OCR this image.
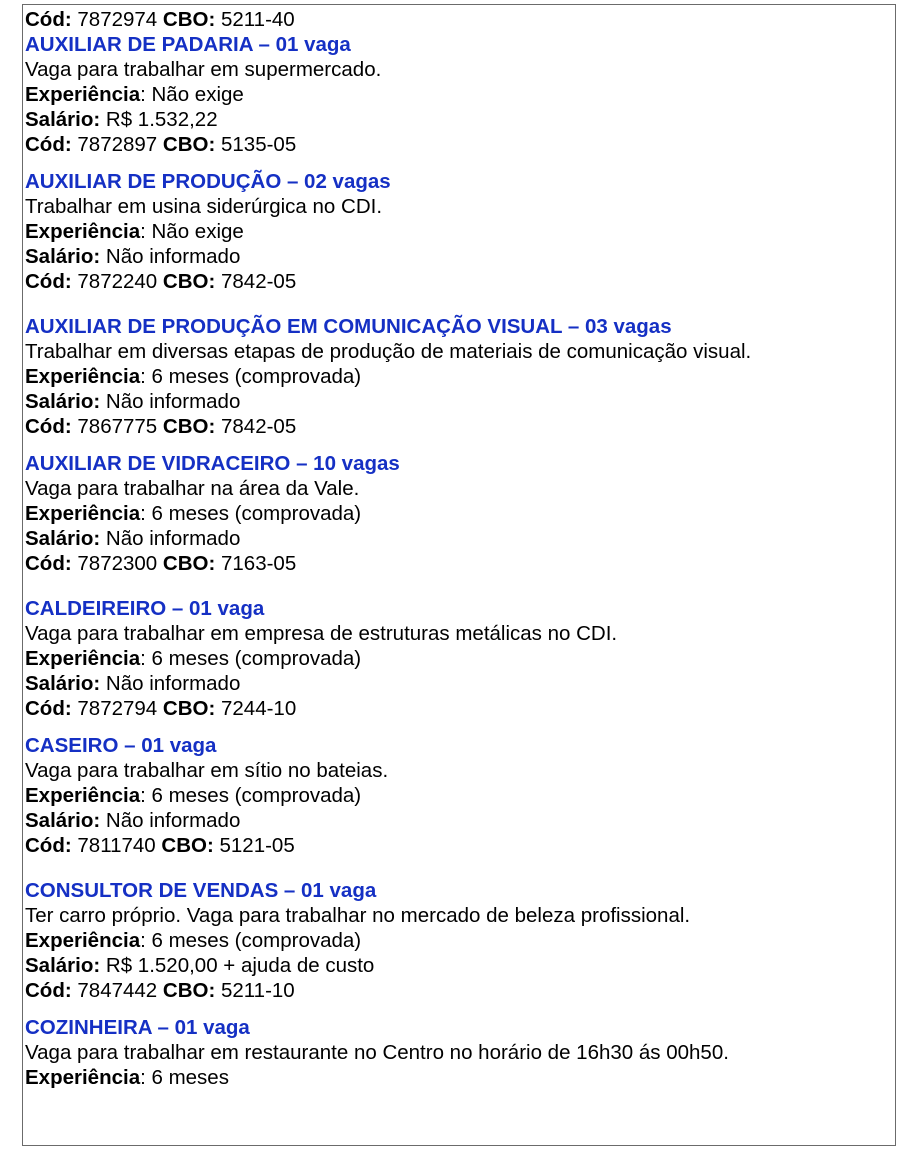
Cód: 7872974 CBO: 5211-40
AUXILIAR DE PADARIA – 01 vaga
Vaga para trabalhar em supermercado.
Experiência: Não exige
Salário: R$ 1.532,22
Cód: 7872897 CBO: 5135-05
AUXILIAR DE PRODUÇÃO – 02 vagas
Trabalhar em usina siderúrgica no CDI.
Experiência: Não exige
Salário: Não informado
Cód: 7872240 CBO: 7842-05
AUXILIAR DE PRODUÇÃO EM COMUNICAÇÃO VISUAL – 03 vagas
Trabalhar em diversas etapas de produção de materiais de comunicação visual.
Experiência: 6 meses (comprovada)
Salário: Não informado
Cód: 7867775 CBO: 7842-05
AUXILIAR DE VIDRACEIRO – 10 vagas
Vaga para trabalhar na área da Vale.
Experiência: 6 meses (comprovada)
Salário: Não informado
Cód: 7872300 CBO: 7163-05
CALDEIREIRO – 01 vaga
Vaga para trabalhar em empresa de estruturas metálicas no CDI.
Experiência: 6 meses (comprovada)
Salário: Não informado
Cód: 7872794 CBO: 7244-10
CASEIRO – 01 vaga
Vaga para trabalhar em sítio no bateias.
Experiência: 6 meses (comprovada)
Salário: Não informado
Cód: 7811740 CBO: 5121-05
CONSULTOR DE VENDAS – 01 vaga
Ter carro próprio. Vaga para trabalhar no mercado de beleza profissional.
Experiência: 6 meses (comprovada)
Salário: R$ 1.520,00 + ajuda de custo
Cód: 7847442 CBO: 5211-10
COZINHEIRA – 01 vaga
Vaga para trabalhar em restaurante no Centro no horário de 16h30 ás 00h50.
Experiência: 6 meses
